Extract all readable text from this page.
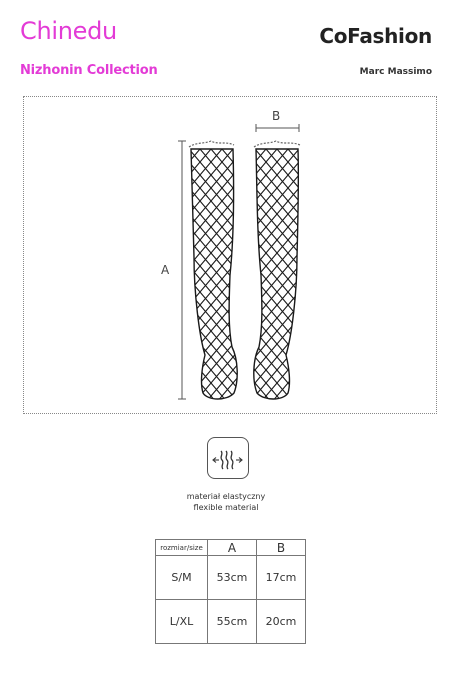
Chinedu	CoFashion
Nizhonin Collection	Marc Massimo
A
B
materiał elastyczny
flexible material
rozmiar/size	A	B
S/M	53cm	17cm
L/XL	55cm	20cm
